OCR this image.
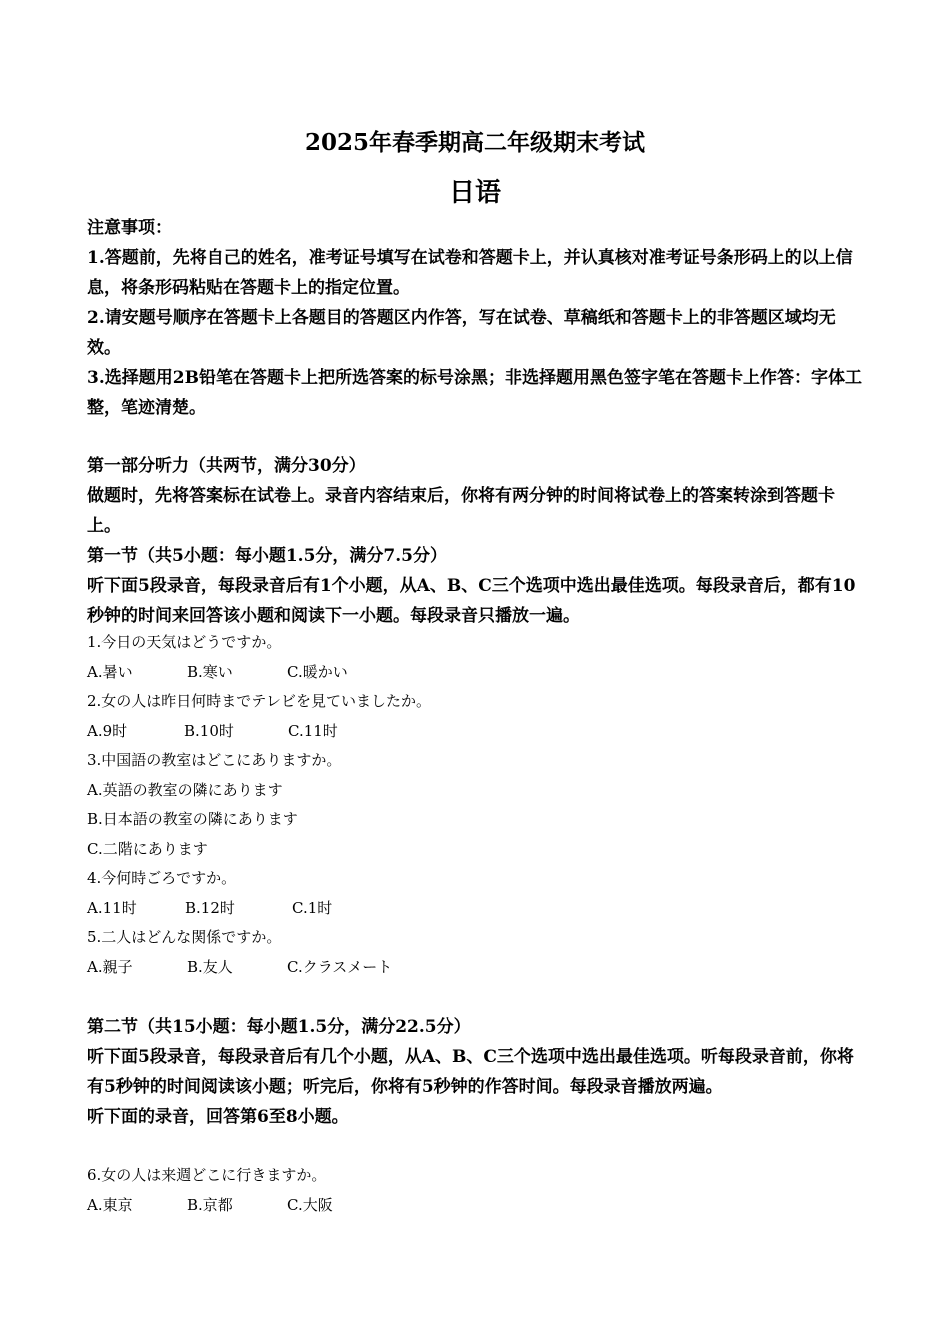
2025年春季期高二年级期末考试
日语

注意事项：

1.答题前，先将自己的姓名，准考证号填写在试卷和答题卡上，并认真核对准考证号条形码上的以上信息，将条形码粘贴在答题卡上的指定位置。

2.请安题号顺序在答题卡上各题目的答题区内作答，写在试卷、草稿纸和答题卡上的非答题区域均无效。

3.选择题用2B铅笔在答题卡上把所选答案的标号涂黑；非选择题用黑色签字笔在答题卡上作答：字体工整，笔迹清楚。

第一部分听力（共两节，满分30分）

做题时，先将答案标在试卷上。录音内容结束后，你将有两分钟的时间将试卷上的答案转涂到答题卡上。

第一节（共5小题：每小题1.5分，满分7.5分）

听下面5段录音，每段录音后有1个小题，从A、B、C三个选项中选出最佳选项。每段录音后，都有10秒钟的时间来回答该小题和阅读下一小题。每段录音只播放一遍。

1.今日の天気はどうですか。

A.暑い	B.寒い	C.暖かい

2.女の人は昨日何時までテレビを見ていましたか。

A.9时	B.10时	C.11时

3.中国語の教室はどこにありますか。

A.英語の教室の隣にあります

B.日本語の教室の隣にあります

C.二階にあります

4.今何時ごろですか。

A.11时	B.12时	C.1时

5.二人はどんな関係ですか。

A.親子	B.友人	C.クラスメート

第二节（共15小题：每小题1.5分，满分22.5分）

听下面5段录音，每段录音后有几个小题，从A、B、C三个选项中选出最佳选项。听每段录音前，你将有5秒钟的时间阅读该小题；听完后，你将有5秒钟的作答时间。每段录音播放两遍。

听下面的录音，回答第6至8小题。

6.女の人は来週どこに行きますか。

A.東京	B.京都	C.大阪
